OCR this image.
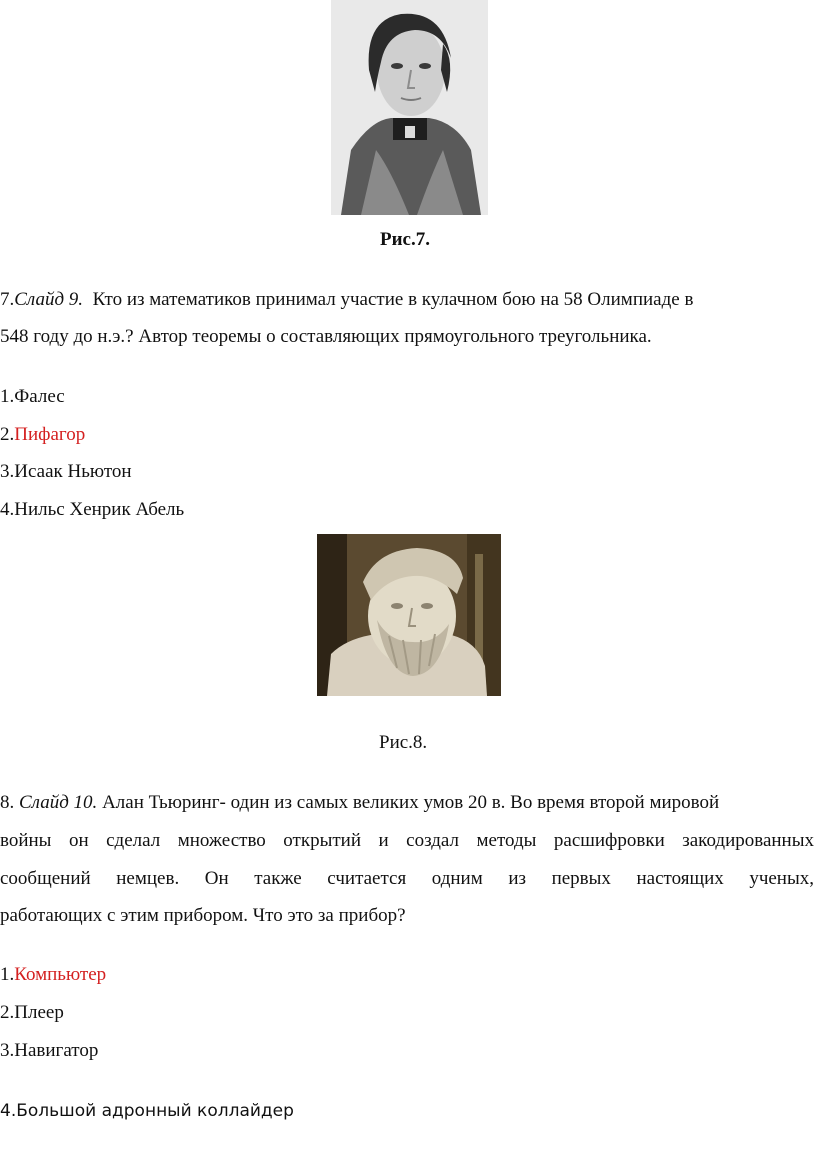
Рис.7.
7.Слайд 9. Кто из математиков принимал участие в кулачном бою на 58 Олимпиаде в
548 году до н.э.? Автор теоремы о составляющих прямоугольного треугольника.
1.Фалес
2.Пифагор
3.Исаак Ньютон
4.Нильс Хенрик Абель
Рис.8.
8. Слайд 10. Алан Тьюринг- один из самых великих умов 20 в. Во время второй мировой
войны он сделал множество открытий и создал методы расшифровки закодированных
сообщений немцев. Он также считается одним из первых настоящих ученых,
работающих с этим прибором. Что это за прибор?
1.Компьютер
2.Плеер
3.Навигатор
4.Большой адронный коллайдер
